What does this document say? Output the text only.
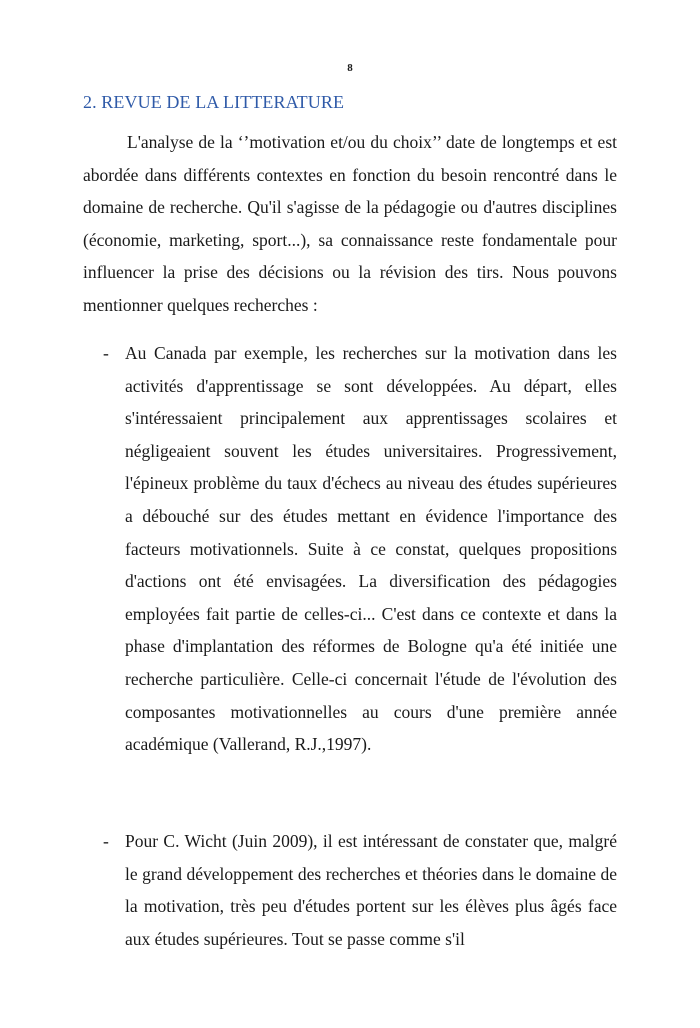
8
2. REVUE DE LA LITTERATURE

L'analyse de la ‘’motivation et/ou du choix’’ date de longtemps et est abordée dans différents contextes en fonction du besoin rencontré dans le domaine de recherche. Qu'il s'agisse de la pédagogie ou d'autres disciplines (économie, marketing, sport...), sa connaissance reste fondamentale pour influencer la prise des décisions ou la révision des tirs. Nous pouvons mentionner quelques recherches :

- Au Canada par exemple, les recherches sur la motivation dans les activités d'apprentissage se sont développées. Au départ, elles s'intéressaient principalement aux apprentissages scolaires et négligeaient souvent les études universitaires. Progressivement, l'épineux problème du taux d'échecs au niveau des études supérieures a débouché sur des études mettant en évidence l'importance des facteurs motivationnels. Suite à ce constat, quelques propositions d'actions ont été envisagées. La diversification des pédagogies employées fait partie de celles-ci... C'est dans ce contexte et dans la phase d'implantation des réformes de Bologne qu'a été initiée une recherche particulière. Celle-ci concernait l'étude de l'évolution des composantes motivationnelles au cours d'une première année académique (Vallerand, R.J.,1997).

- Pour C. Wicht (Juin 2009), il est intéressant de constater que, malgré le grand développement des recherches et théories dans le domaine de la motivation, très peu d'études portent sur les élèves plus âgés face aux études supérieures. Tout se passe comme s'il
